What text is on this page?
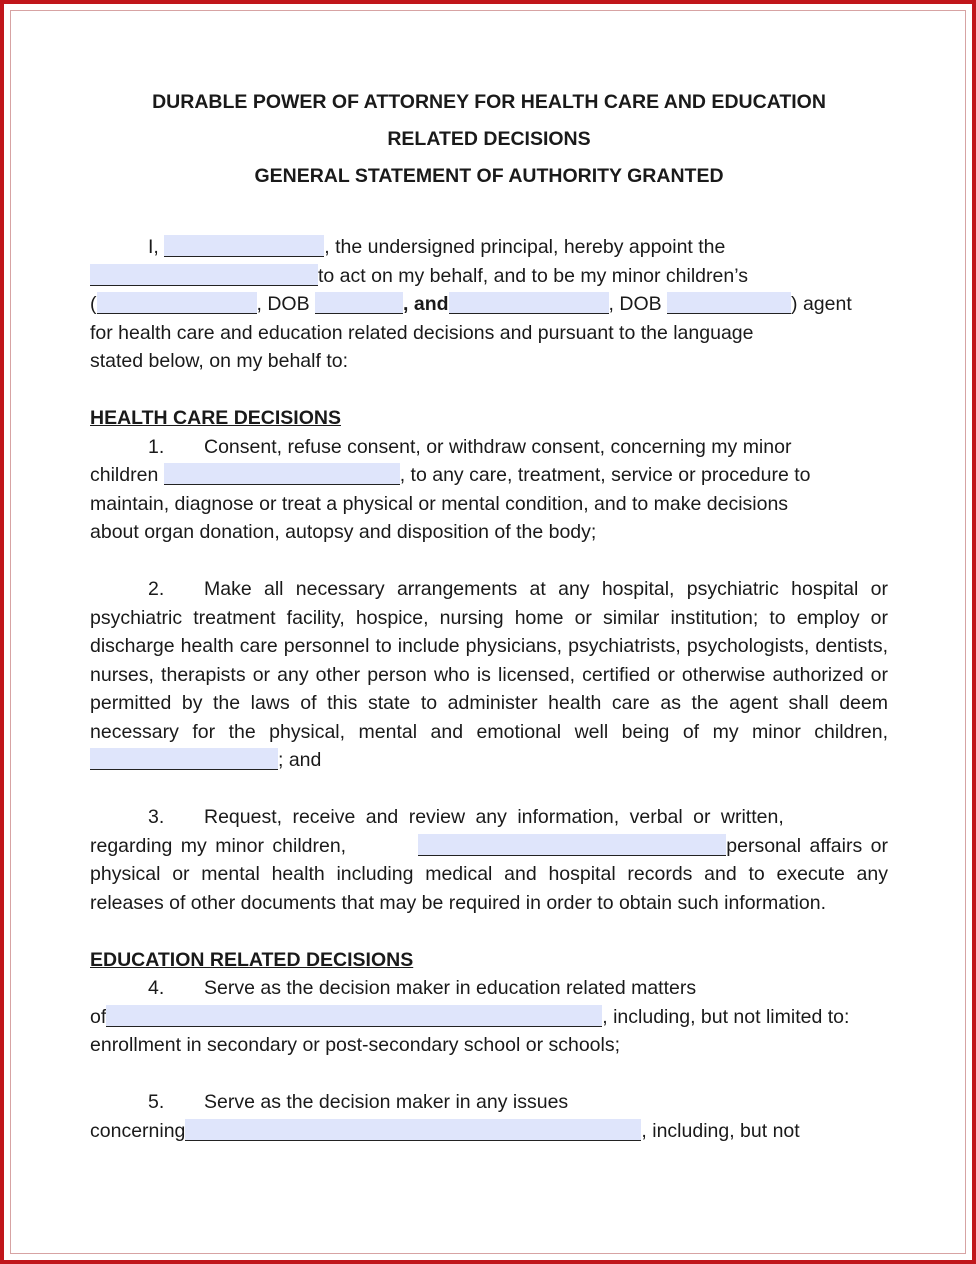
DURABLE POWER OF ATTORNEY FOR HEALTH CARE AND EDUCATION

RELATED DECISIONS

GENERAL STATEMENT OF AUTHORITY GRANTED

I,	, the undersigned principal, hereby appoint the

to act on my behalf, and to be my minor children’s

(	, DOB	, and	, DOB	) agent

for health care and education related decisions and pursuant to the language

stated below, on my behalf to:

HEALTH CARE DECISIONS

1. Consent, refuse consent, or withdraw consent, concerning my minor

children	, to any care, treatment, service or procedure to

maintain, diagnose or treat a physical or mental condition, and to make decisions

about organ donation, autopsy and disposition of the body;

2. Make all necessary arrangements at any hospital, psychiatric hospital or psychiatric treatment facility, hospice, nursing home or similar institution; to employ or discharge health care personnel to include physicians, psychiatrists, psychologists, dentists, nurses, therapists or any other person who is licensed, certified or otherwise authorized or permitted by the laws of this state to administer health care as the agent shall deem necessary for the physical, mental and emotional well being of my minor children,; and

3. Request, receive and review any information, verbal or written,

regarding my minor children,	personal affairs or

physical or mental health including medical and hospital records and to execute any releases of other documents that may be required in order to obtain such information.

EDUCATION RELATED DECISIONS

4. Serve as the decision maker in education related matters

of	, including, but not limited to:

enrollment in secondary or post-secondary school or schools;

5. Serve as the decision maker in any issues

concerning	, including, but not
